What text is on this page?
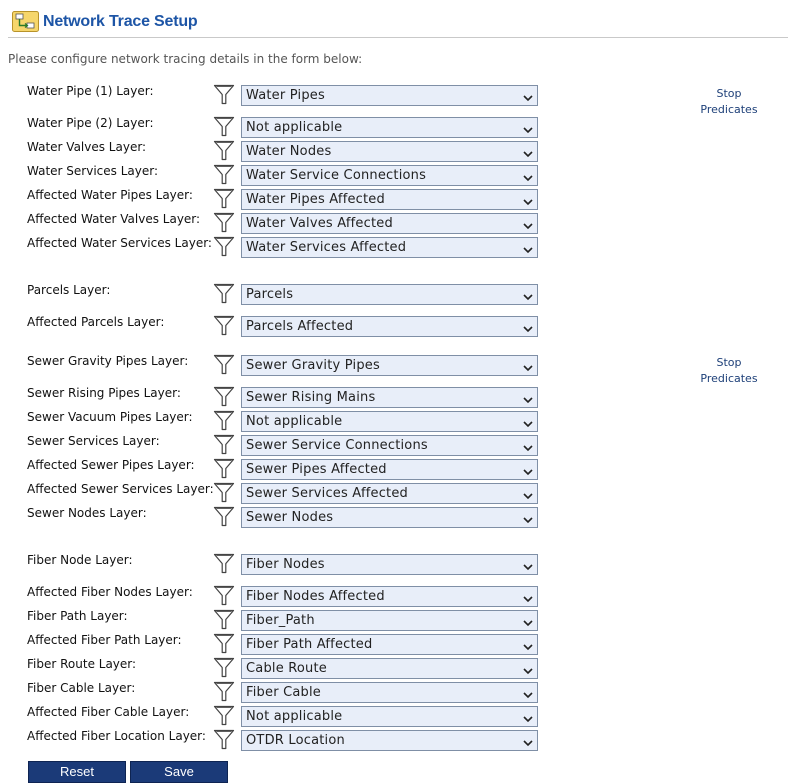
Network Trace Setup
Please configure network tracing details in the form below:
Water Pipe (1) Layer:	Water Pipes
Water Pipe (2) Layer:	Not applicable
Water Valves Layer:	Water Nodes
Water Services Layer:	Water Service Connections
Affected Water Pipes Layer:	Water Pipes Affected
Affected Water Valves Layer:	Water Valves Affected
Affected Water Services Layer:	Water Services Affected
Stop
Predicates
Parcels Layer:	Parcels
Affected Parcels Layer:	Parcels Affected
Sewer Gravity Pipes Layer:	Sewer Gravity Pipes
Sewer Rising Pipes Layer:	Sewer Rising Mains
Sewer Vacuum Pipes Layer:	Not applicable
Sewer Services Layer:	Sewer Service Connections
Affected Sewer Pipes Layer:	Sewer Pipes Affected
Affected Sewer Services Layer: Sewer Services Affected
Sewer Nodes Layer:	Sewer Nodes
Stop
Predicates
Fiber Node Layer:	Fiber Nodes
Affected Fiber Nodes Layer:	Fiber Nodes Affected
Fiber Path Layer:	Fiber_Path
Affected Fiber Path Layer:	Fiber Path Affected
Fiber Route Layer:	Cable Route
Fiber Cable Layer:	Fiber Cable
Affected Fiber Cable Layer:	Not applicable
Affected Fiber Location Layer:	OTDR Location
Reset	Save
